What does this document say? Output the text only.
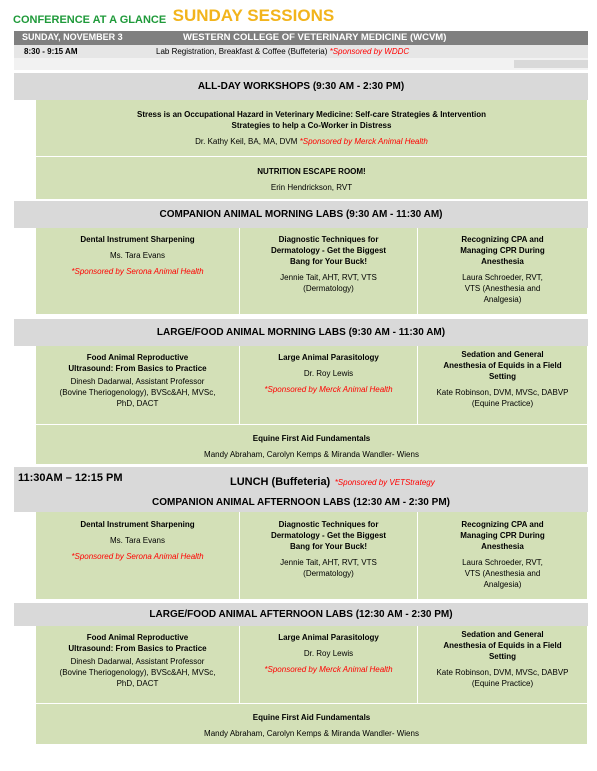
CONFERENCE AT A GLANCE SUNDAY SESSIONS
SUNDAY, NOVEMBER 3	WESTERN COLLEGE OF VETERINARY MEDICINE (WCVM)
8:30 - 9:15 AM	Lab Registration, Breakfast & Coffee (Buffeteria) *Sponsored by WDDC
ALL-DAY WORKSHOPS (9:30 AM - 2:30 PM)
Stress is an Occupational Hazard in Veterinary Medicine: Self-care Strategies & Intervention
Strategies to help a Co-Worker in Distress
Dr. Kathy Keil, BA, MA, DVM *Sponsored by Merck Animal Health
NUTRITION ESCAPE ROOM!
Erin Hendrickson, RVT
COMPANION ANIMAL MORNING LABS (9:30 AM - 11:30 AM)
Dental Instrument Sharpening
Ms. Tara Evans
*Sponsored by Serona Animal Health
Diagnostic Techniques for
Dermatology - Get the Biggest
Bang for Your Buck!
Jennie Tait, AHT, RVT, VTS
(Dermatology)
Recognizing CPA and
Managing CPR During
Anesthesia
Laura Schroeder, RVT,
VTS (Anesthesia and
Analgesia)
LARGE/FOOD ANIMAL MORNING LABS (9:30 AM - 11:30 AM)
Food Animal Reproductive
Ultrasound: From Basics to Practice
Dinesh Dadarwal, Assistant Professor
(Bovine Theriogenology), BVSc&AH, MVSc,
PhD, DACT
Large Animal Parasitology
Dr. Roy Lewis
*Sponsored by Merck Animal Health
Sedation and General
Anesthesia of Equids in a Field
Setting
Kate Robinson, DVM, MVSc, DABVP
(Equine Practice)
Equine First Aid Fundamentals
Mandy Abraham, Carolyn Kemps & Miranda Wandler- Wiens
11:30AM – 12:15 PM	LUNCH (Buffeteria) *Sponsored by VETStrategy
COMPANION ANIMAL AFTERNOON LABS (12:30 AM - 2:30 PM)
Dental Instrument Sharpening
Ms. Tara Evans
*Sponsored by Serona Animal Health
Diagnostic Techniques for
Dermatology - Get the Biggest
Bang for Your Buck!
Jennie Tait, AHT, RVT, VTS
(Dermatology)
Recognizing CPA and
Managing CPR During
Anesthesia
Laura Schroeder, RVT,
VTS (Anesthesia and
Analgesia)
LARGE/FOOD ANIMAL AFTERNOON LABS (12:30 AM - 2:30 PM)
Food Animal Reproductive
Ultrasound: From Basics to Practice
Dinesh Dadarwal, Assistant Professor
(Bovine Theriogenology), BVSc&AH, MVSc,
PhD, DACT
Large Animal Parasitology
Dr. Roy Lewis
*Sponsored by Merck Animal Health
Sedation and General
Anesthesia of Equids in a Field
Setting
Kate Robinson, DVM, MVSc, DABVP
(Equine Practice)
Equine First Aid Fundamentals
Mandy Abraham, Carolyn Kemps & Miranda Wandler- Wiens
